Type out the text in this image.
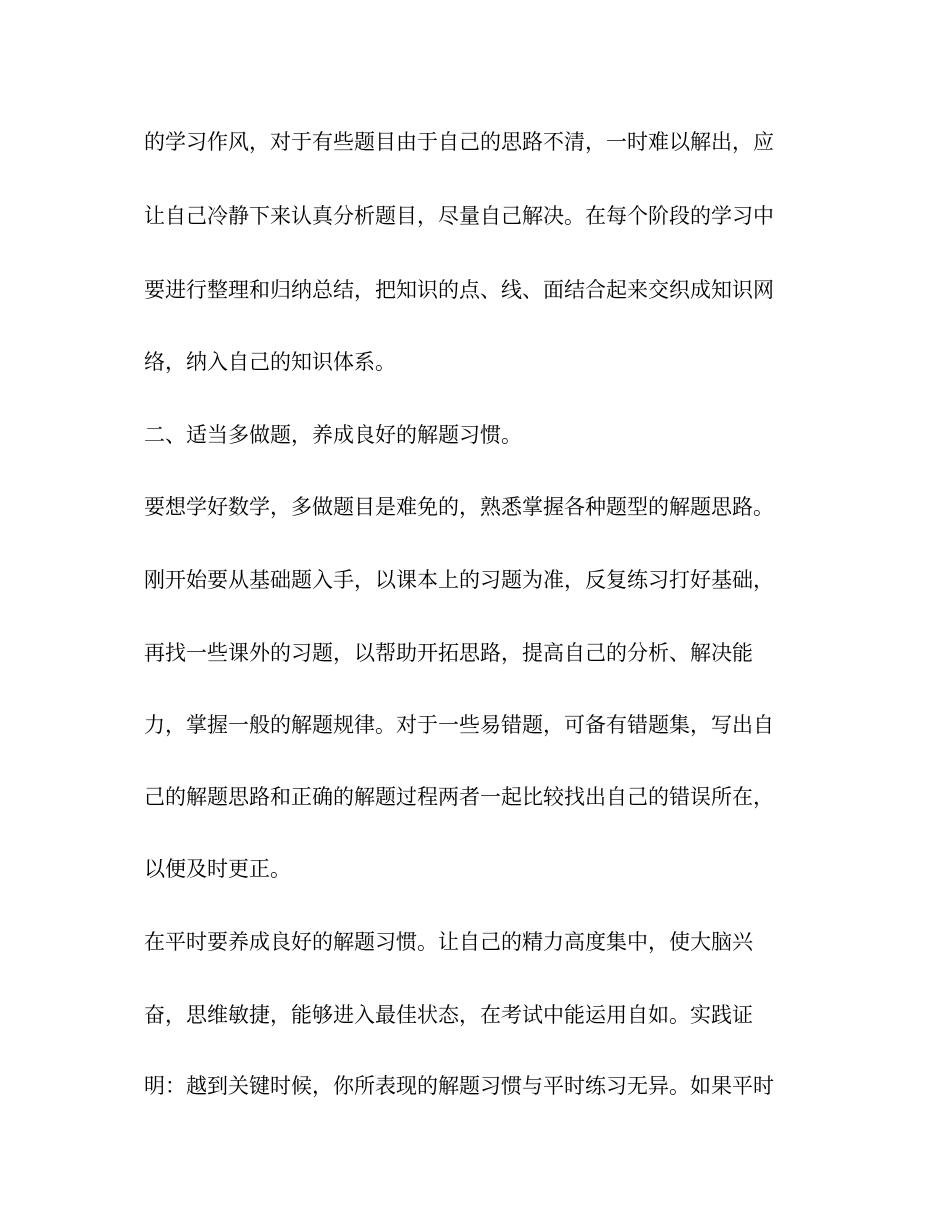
的学习作风，对于有些题目由于自己的思路不清，一时难以解出，应
让自己冷静下来认真分析题目，尽量自己解决。在每个阶段的学习中
要进行整理和归纳总结，把知识的点、线、面结合起来交织成知识网
络，纳入自己的知识体系。
二、适当多做题，养成良好的解题习惯。
要想学好数学，多做题目是难免的，熟悉掌握各种题型的解题思路。
刚开始要从基础题入手，以课本上的习题为准，反复练习打好基础，
再找一些课外的习题，以帮助开拓思路，提高自己的分析、解决能
力，掌握一般的解题规律。对于一些易错题，可备有错题集，写出自
己的解题思路和正确的解题过程两者一起比较找出自己的错误所在，
以便及时更正。
在平时要养成良好的解题习惯。让自己的精力高度集中，使大脑兴
奋，思维敏捷，能够进入最佳状态，在考试中能运用自如。实践证
明：越到关键时候，你所表现的解题习惯与平时练习无异。如果平时
